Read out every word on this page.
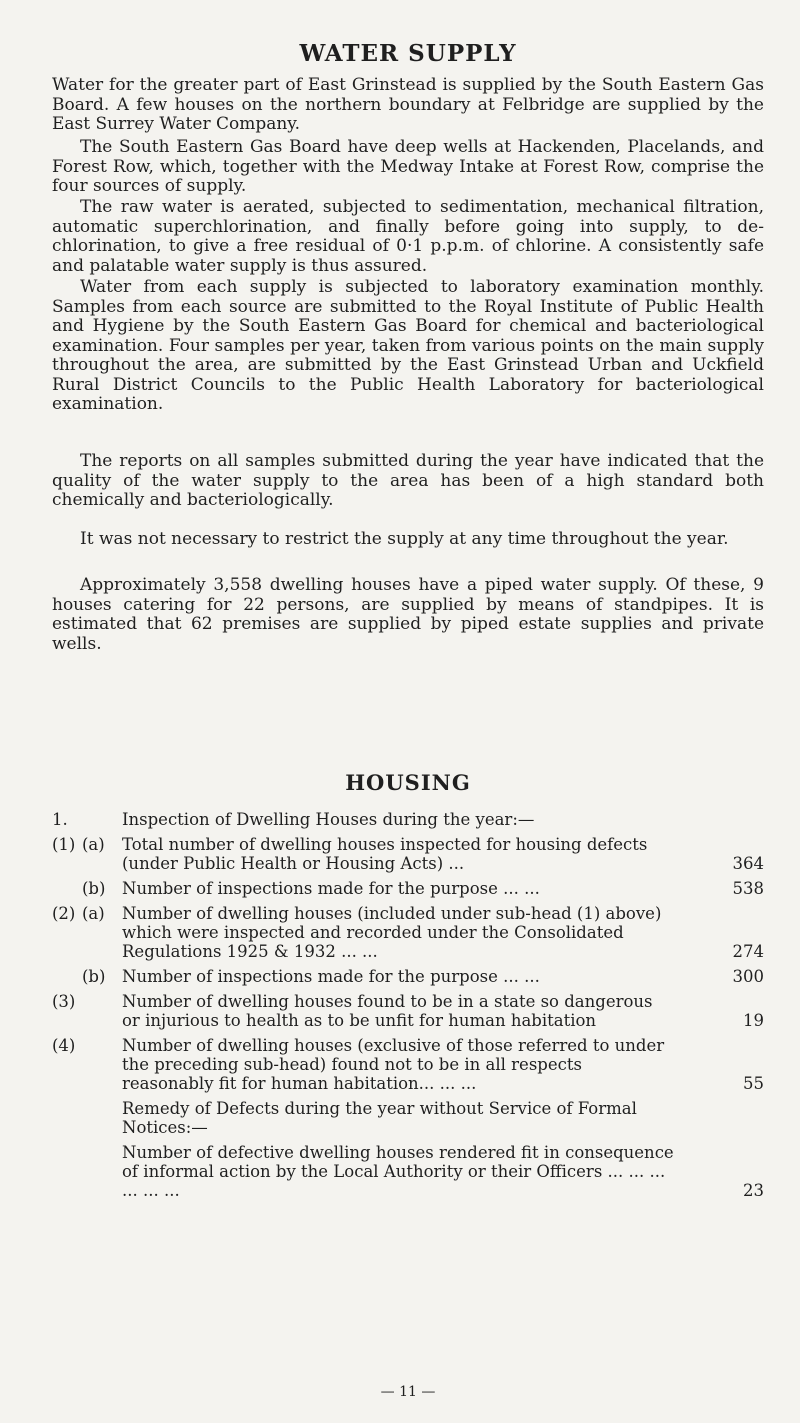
WATER SUPPLY
Water for the greater part of East Grinstead is supplied by the South Eastern Gas Board. A few houses on the northern boundary at Felbridge are supplied by the East Surrey Water Company.
The South Eastern Gas Board have deep wells at Hackenden, Placelands, and Forest Row, which, together with the Medway Intake at Forest Row, comprise the four sources of supply.
The raw water is aerated, subjected to sedimentation, mechanical filtration, automatic superchlorination, and finally before going into supply, to de-chlorination, to give a free residual of 0·1 p.p.m. of chlorine. A consistently safe and palatable water supply is thus assured.
Water from each supply is subjected to laboratory examination monthly. Samples from each source are submitted to the Royal Institute of Public Health and Hygiene by the South Eastern Gas Board for chemical and bacteriological examination. Four samples per year, taken from various points on the main supply throughout the area, are submitted by the East Grinstead Urban and Uckfield Rural District Councils to the Public Health Laboratory for bacteriological examination.
The reports on all samples submitted during the year have indicated that the quality of the water supply to the area has been of a high standard both chemically and bacteriologically.
It was not necessary to restrict the supply at any time throughout the year.
Approximately 3,558 dwelling houses have a piped water supply. Of these, 9 houses catering for 22 persons, are supplied by means of standpipes. It is estimated that 62 premises are supplied by piped estate supplies and private wells.
HOUSING
1.	Inspection of Dwelling Houses during the year:—
(1) (a)	Total number of dwelling houses inspected for housing defects (under Public Health or Housing Acts) ...	364
(b)	Number of inspections made for the purpose ... ...	538
(2) (a)	Number of dwelling houses (included under sub-head (1) above) which were inspected and recorded under the Consolidated Regulations 1925 & 1932 ... ...	274
(b)	Number of inspections made for the purpose ... ...	300
(3)	Number of dwelling houses found to be in a state so dangerous or injurious to health as to be unfit for human habitation	19
(4)	Number of dwelling houses (exclusive of those referred to under the preceding sub-head) found not to be in all respects reasonably fit for human habitation... ... ...	55
Remedy of Defects during the year without Service of Formal Notices:—
Number of defective dwelling houses rendered fit in consequence of informal action by the Local Authority or their Officers ... ... ... ... ... ...	23
— 11 —
